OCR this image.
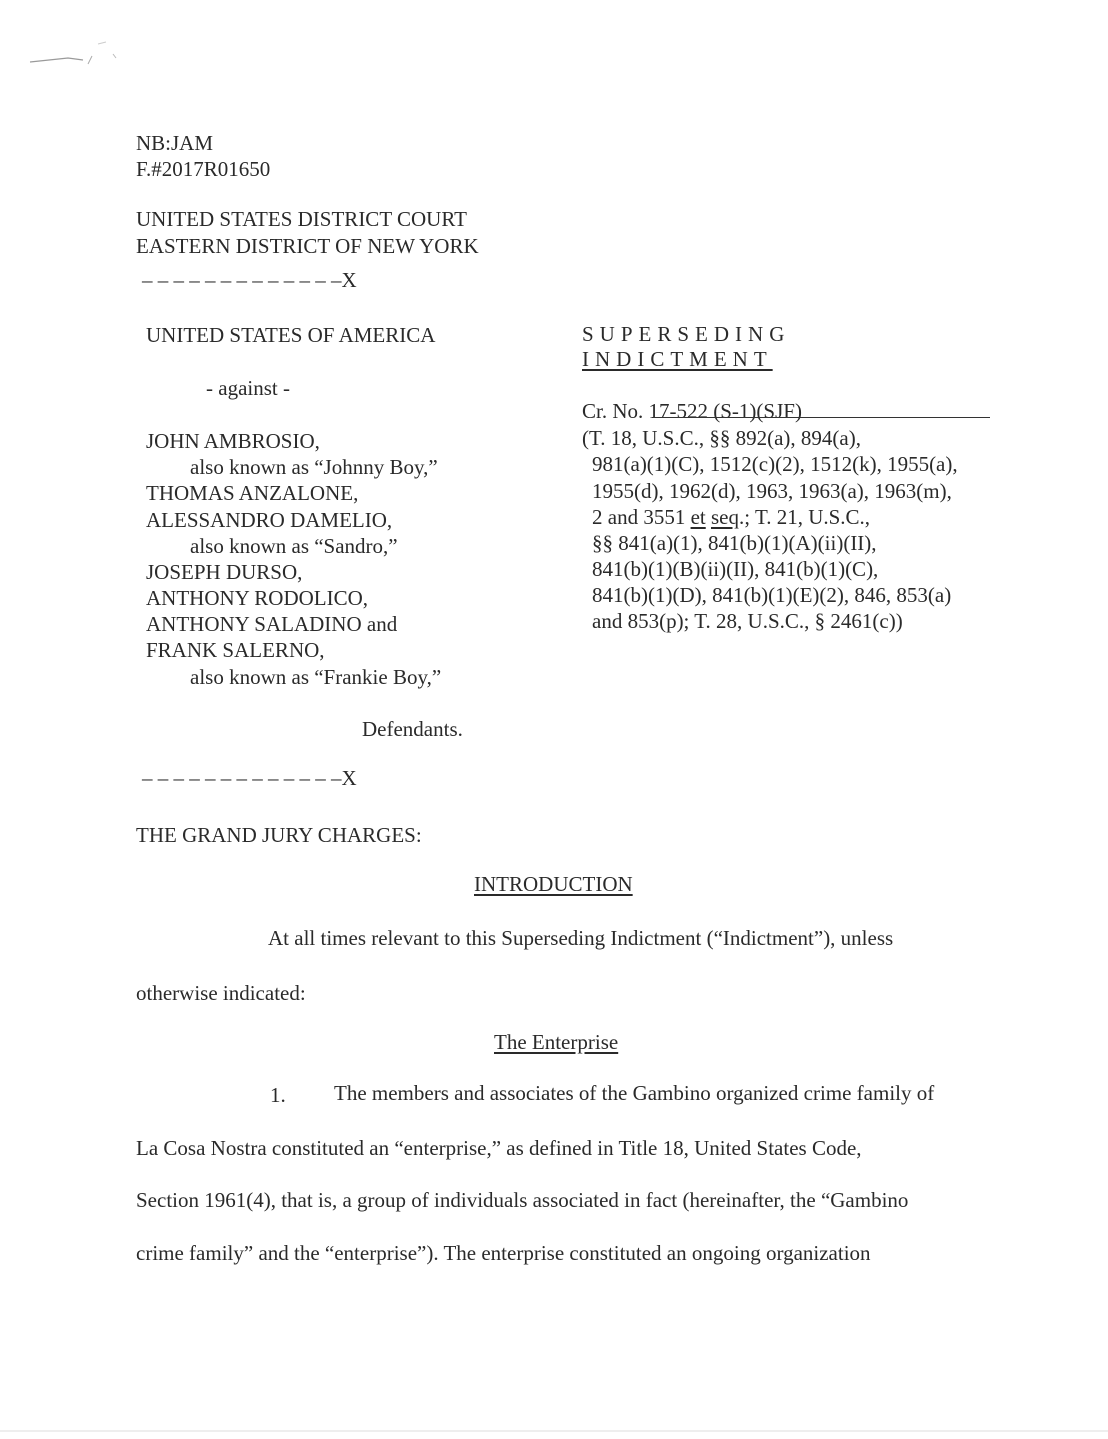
NB:JAM
F.#2017R01650
UNITED STATES DISTRICT COURT
EASTERN DISTRICT OF NEW YORK
– – – – – – – – – – – – –X
UNITED STATES OF AMERICA
- against -
JOHN AMBROSIO,
also known as “Johnny Boy,”
THOMAS ANZALONE,
ALESSANDRO DAMELIO,
also known as “Sandro,”
JOSEPH DURSO,
ANTHONY RODOLICO,
ANTHONY SALADINO and
FRANK SALERNO,
also known as “Frankie Boy,”
Defendants.
– – – – – – – – – – – – –X
SUPERSEDING
INDICTMENT
Cr. No. 17-522 (S-1)(SJF)
(T. 18, U.S.C., §§ 892(a), 894(a),
981(a)(1)(C), 1512(c)(2), 1512(k), 1955(a),
1955(d), 1962(d), 1963, 1963(a), 1963(m),
2 and 3551 et seq.; T. 21, U.S.C.,
§§ 841(a)(1), 841(b)(1)(A)(ii)(II),
841(b)(1)(B)(ii)(II), 841(b)(1)(C),
841(b)(1)(D), 841(b)(1)(E)(2), 846, 853(a)
and 853(p); T. 28, U.S.C., § 2461(c))
THE GRAND JURY CHARGES:
INTRODUCTION
At all times relevant to this Superseding Indictment (“Indictment”), unless
otherwise indicated:
The Enterprise
1. The members and associates of the Gambino organized crime family of
La Cosa Nostra constituted an “enterprise,” as defined in Title 18, United States Code,
Section 1961(4), that is, a group of individuals associated in fact (hereinafter, the “Gambino
crime family” and the “enterprise”). The enterprise constituted an ongoing organization
